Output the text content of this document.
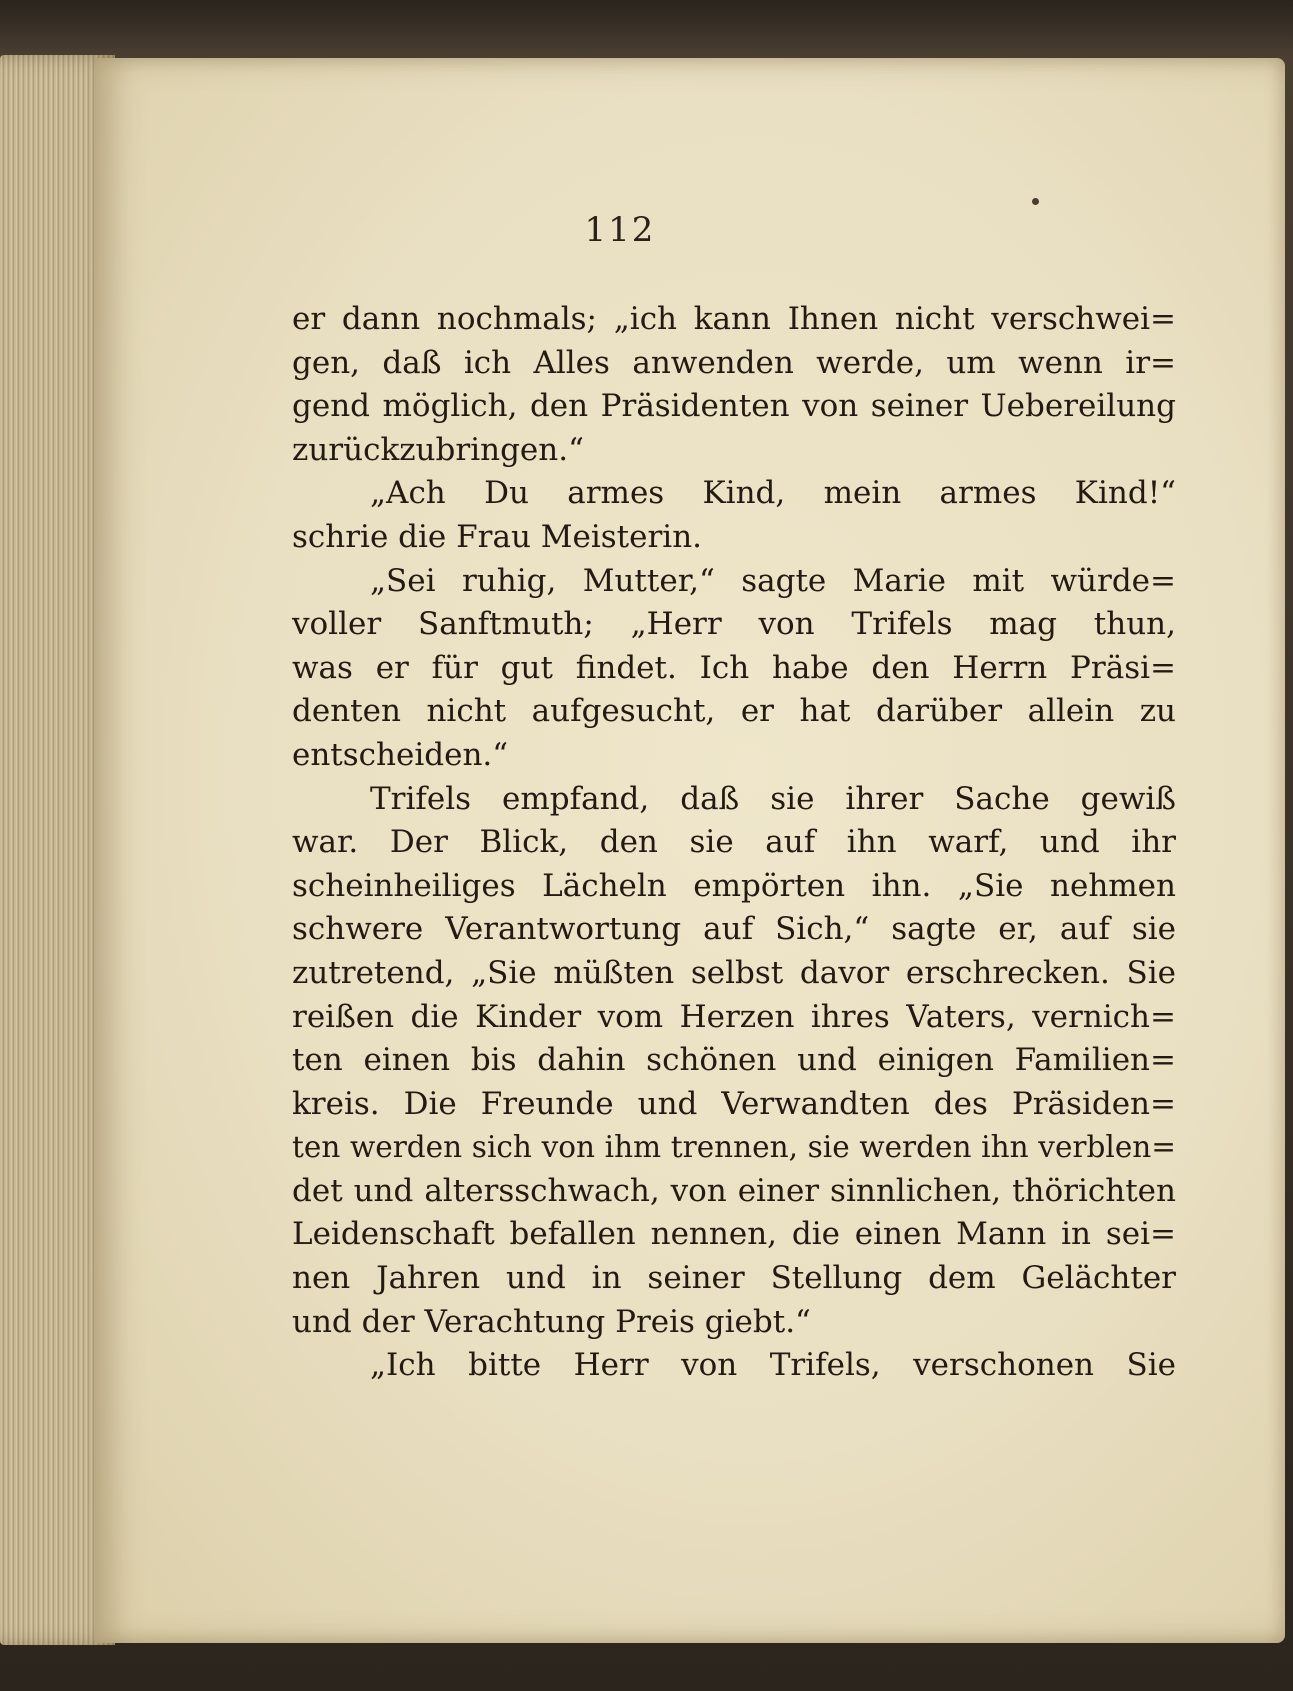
112
er dann nochmals; „ich kann Ihnen nicht verschwei=
gen, daß ich Alles anwenden werde, um wenn ir=
gend möglich, den Präsidenten von seiner Uebereilung
zurückzubringen.“
„Ach Du armes Kind, mein armes Kind!“
schrie die Frau Meisterin.
„Sei ruhig, Mutter,“ sagte Marie mit würde=
voller Sanftmuth; „Herr von Trifels mag thun,
was er für gut findet. Ich habe den Herrn Präsi=
denten nicht aufgesucht, er hat darüber allein zu
entscheiden.“
Trifels empfand, daß sie ihrer Sache gewiß
war. Der Blick, den sie auf ihn warf, und ihr
scheinheiliges Lächeln empörten ihn. „Sie nehmen
schwere Verantwortung auf Sich,“ sagte er, auf sie
zutretend, „Sie müßten selbst davor erschrecken. Sie
reißen die Kinder vom Herzen ihres Vaters, vernich=
ten einen bis dahin schönen und einigen Familien=
kreis. Die Freunde und Verwandten des Präsiden=
ten werden sich von ihm trennen, sie werden ihn verblen=
det und altersschwach, von einer sinnlichen, thörichten
Leidenschaft befallen nennen, die einen Mann in sei=
nen Jahren und in seiner Stellung dem Gelächter
und der Verachtung Preis giebt.“
„Ich bitte Herr von Trifels, verschonen Sie
